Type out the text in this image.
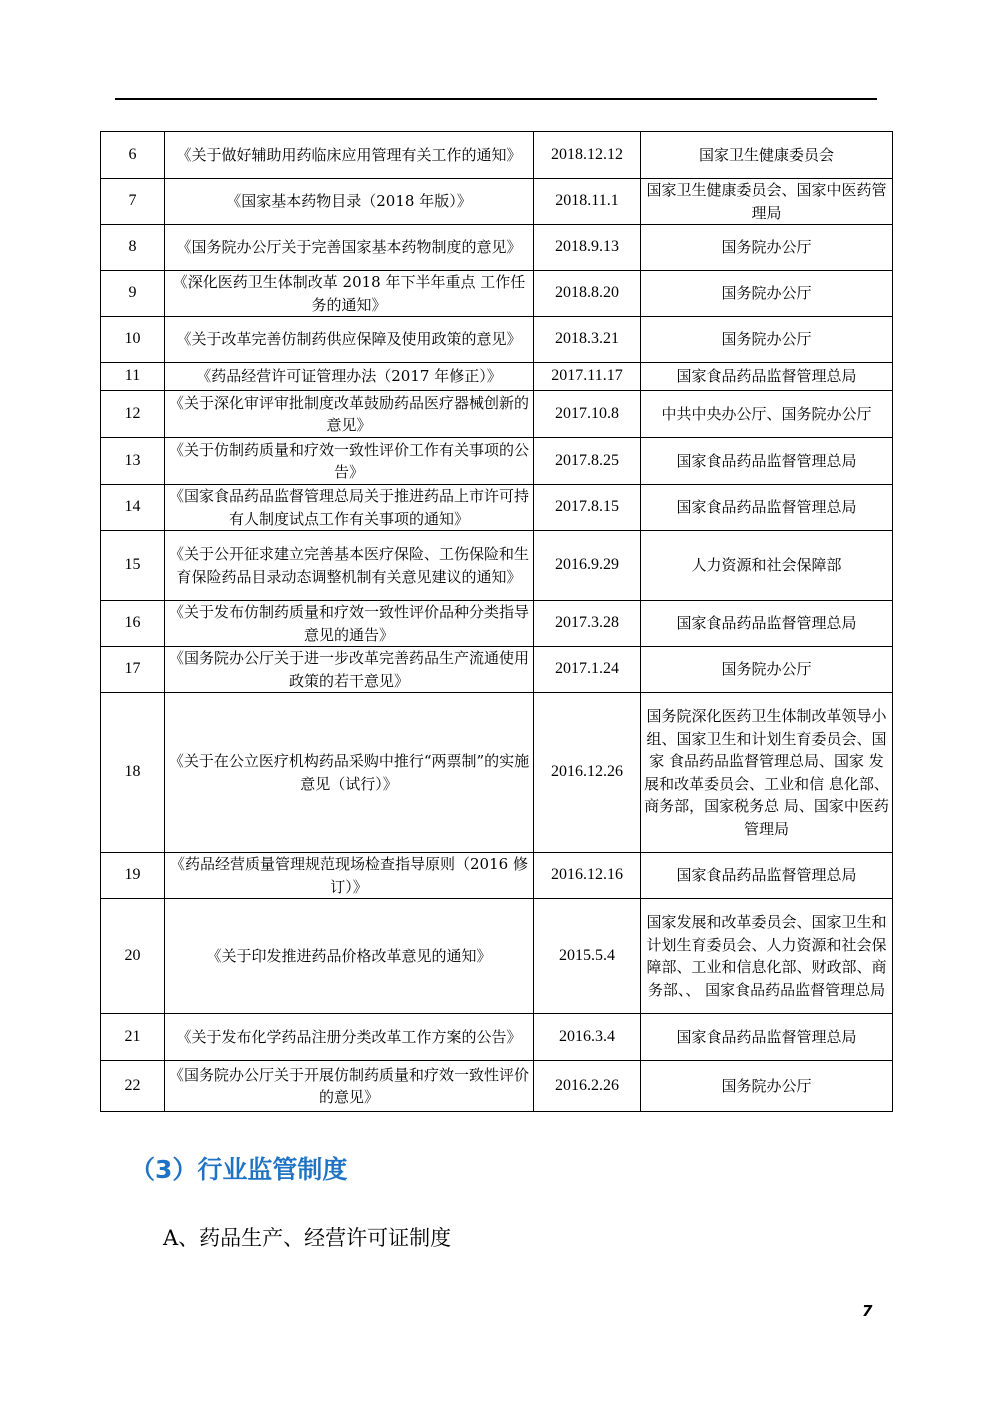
6	《关于做好辅助用药临床应用管理有关工作的通知》	2018.12.12	国家卫生健康委员会
7	《国家基本药物目录（2018 年版）》	2018.11.1	国家卫生健康委员会、国家中医药管理局
8	《国务院办公厅关于完善国家基本药物制度的意见》	2018.9.13	国务院办公厅
9	《深化医药卫生体制改革 2018 年下半年重点 工作任务的通知》	2018.8.20	国务院办公厅
10	《关于改革完善仿制药供应保障及使用政策的意见》	2018.3.21	国务院办公厅
11	《药品经营许可证管理办法（2017 年修正）》	2017.11.17	国家食品药品监督管理总局
12	《关于深化审评审批制度改革鼓励药品医疗器械创新的意见》	2017.10.8	中共中央办公厅、国务院办公厅
13	《关于仿制药质量和疗效一致性评价工作有关事项的公告》	2017.8.25	国家食品药品监督管理总局
14	《国家食品药品监督管理总局关于推进药品上市许可持有人制度试点工作有关事项的通知》	2017.8.15	国家食品药品监督管理总局
15	《关于公开征求建立完善基本医疗保险、工伤保险和生育保险药品目录动态调整机制有关意见建议的通知》	2016.9.29	人力资源和社会保障部
16	《关于发布仿制药质量和疗效一致性评价品种分类指导意见的通告》	2017.3.28	国家食品药品监督管理总局
17	《国务院办公厅关于进一步改革完善药品生产流通使用政策的若干意见》	2017.1.24	国务院办公厅
18	《关于在公立医疗机构药品采购中推行“两票制”的实施意见（试行）》	2016.12.26	国务院深化医药卫生体制改革领导小组、国家卫生和计划生育委员会、国家 食品药品监督管理总局、国家 发展和改革委员会、工业和信 息化部、商务部，国家税务总 局、国家中医药管理局
19	《药品经营质量管理规范现场检查指导原则（2016 修订）》	2016.12.16	国家食品药品监督管理总局
20	《关于印发推进药品价格改革意见的通知》	2015.5.4	国家发展和改革委员会、国家卫生和计划生育委员会、人力资源和社会保障部、工业和信息化部、财政部、商务部、、 国家食品药品监督管理总局
21	《关于发布化学药品注册分类改革工作方案的公告》	2016.3.4	国家食品药品监督管理总局
22	《国务院办公厅关于开展仿制药质量和疗效一致性评价的意见》	2016.2.26	国务院办公厅
（3）行业监管制度
A、药品生产、经营许可证制度
7
